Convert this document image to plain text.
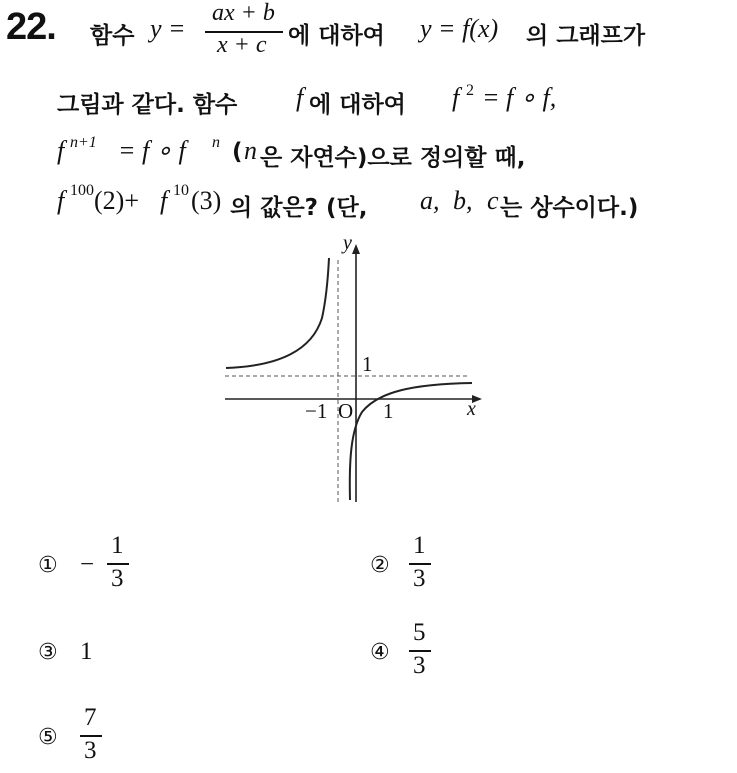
22. 함수 y =
ax + b
x + c 에 대하여 y = f(x) 의 그래프가
그림과 같다. 함수 f 에 대하여 f 2 = f ∘ f,
f n+1 = f ∘ f n ( n 은 자연수)으로 정의할 때,
f 100 (2)+ f 10 (3) 의 값은? (단, a, b, c 는 상수이다.)
y
x
O
−1	1
1
① −
1
3	②
1
3
③ 1	④
5
3
⑤
7
3
